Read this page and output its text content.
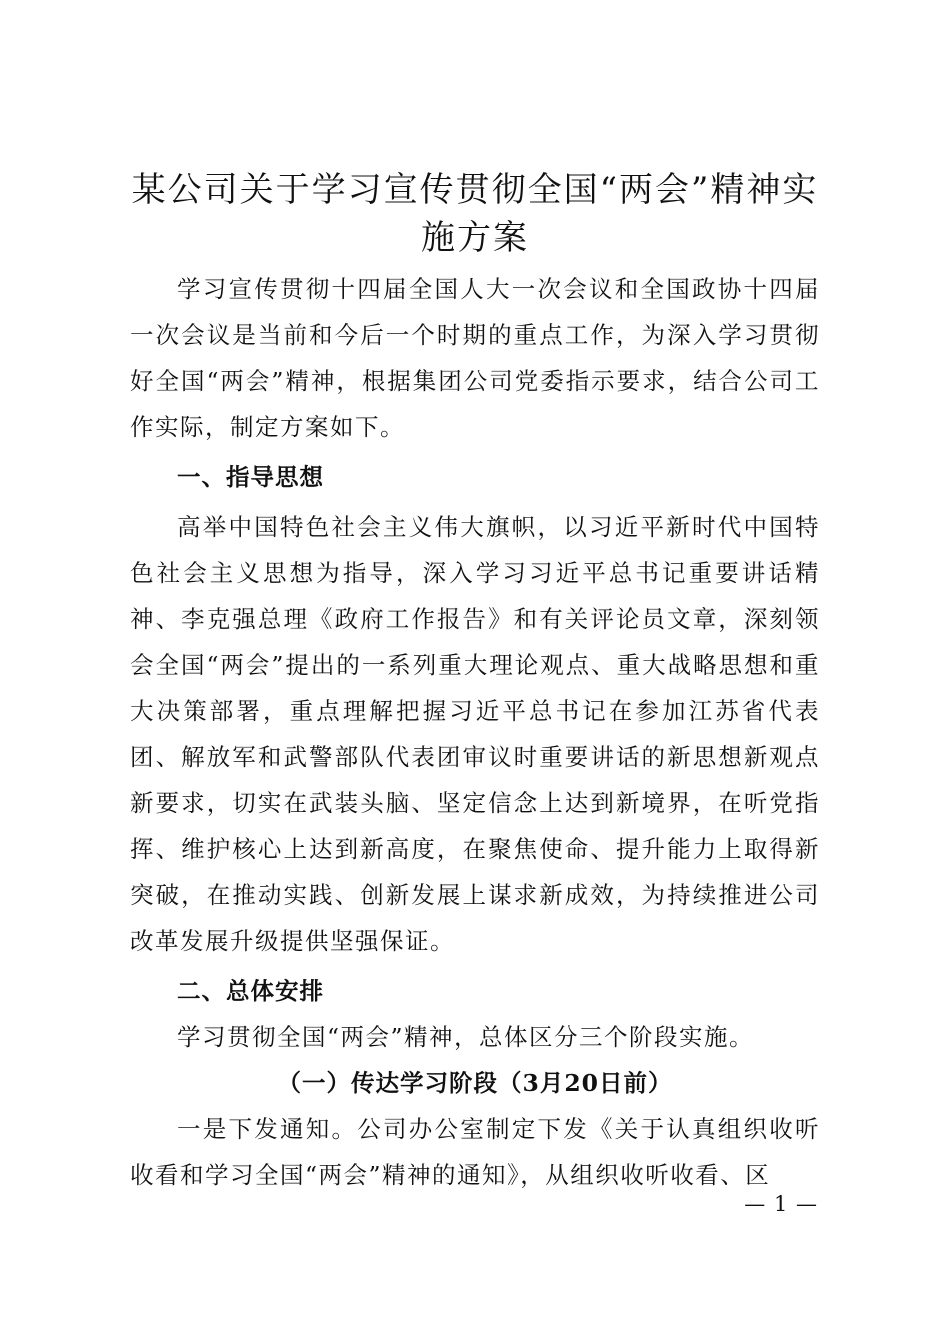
某公司关于学习宣传贯彻全国“两会”精神实施方案

学习宣传贯彻十四届全国人大一次会议和全国政协十四届一次会议是当前和今后一个时期的重点工作，为深入学习贯彻好全国“两会”精神，根据集团公司党委指示要求，结合公司工作实际，制定方案如下。

一、指导思想

高举中国特色社会主义伟大旗帜，以习近平新时代中国特色社会主义思想为指导，深入学习习近平总书记重要讲话精神、李克强总理《政府工作报告》和有关评论员文章，深刻领会全国“两会”提出的一系列重大理论观点、重大战略思想和重大决策部署，重点理解把握习近平总书记在参加江苏省代表团、解放军和武警部队代表团审议时重要讲话的新思想新观点新要求，切实在武装头脑、坚定信念上达到新境界，在听党指挥、维护核心上达到新高度，在聚焦使命、提升能力上取得新突破，在推动实践、创新发展上谋求新成效，为持续推进公司改革发展升级提供坚强保证。

二、总体安排

学习贯彻全国“两会”精神，总体区分三个阶段实施。

（一）传达学习阶段（3月20日前）

一是下发通知。公司办公室制定下发《关于认真组织收听收看和学习全国“两会”精神的通知》，从组织收听收看、区

— 1 —
